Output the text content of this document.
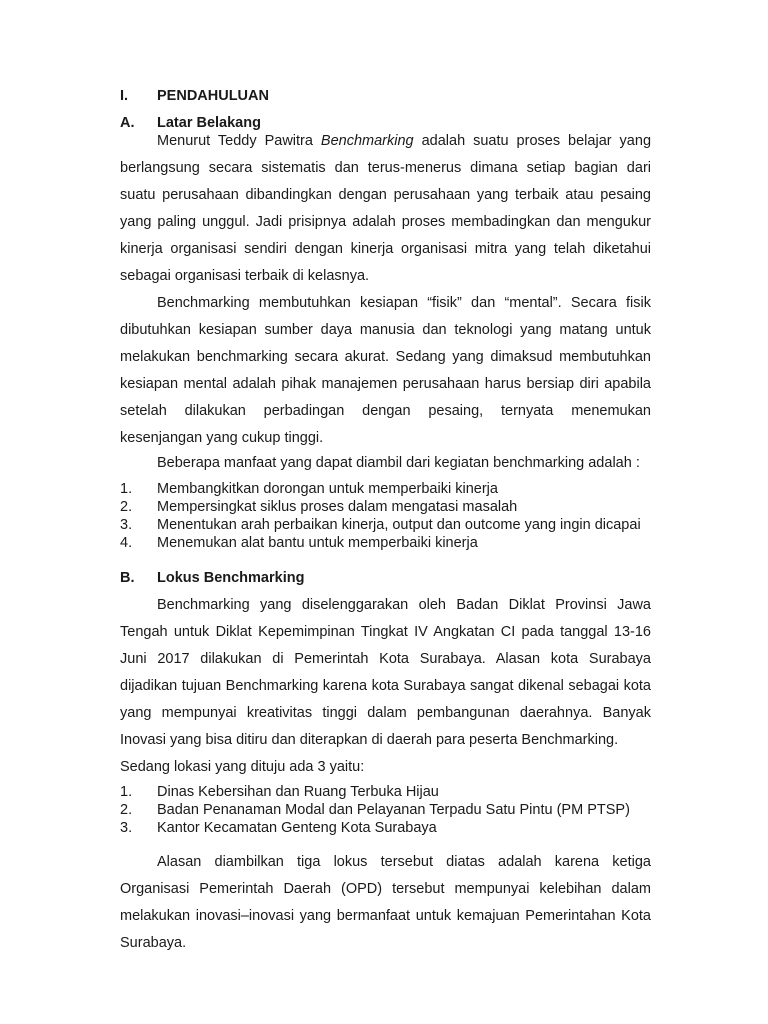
I. PENDAHULUAN
A. Latar Belakang
Menurut Teddy Pawitra Benchmarking adalah suatu proses belajar yang berlangsung secara sistematis dan terus-menerus dimana setiap bagian dari suatu perusahaan dibandingkan dengan perusahaan yang terbaik atau pesaing yang paling unggul. Jadi prisipnya adalah proses membadingkan dan mengukur kinerja organisasi sendiri dengan kinerja organisasi mitra yang telah diketahui sebagai organisasi terbaik di kelasnya.
Benchmarking membutuhkan kesiapan “fisik” dan “mental”. Secara fisik dibutuhkan kesiapan sumber daya manusia dan teknologi yang matang untuk melakukan benchmarking secara akurat. Sedang yang dimaksud membutuhkan kesiapan mental adalah pihak manajemen perusahaan harus bersiap diri apabila setelah dilakukan perbadingan dengan pesaing, ternyata menemukan kesenjangan yang cukup tinggi.
Beberapa manfaat yang dapat diambil dari kegiatan benchmarking adalah :
1. Membangkitkan dorongan untuk memperbaiki kinerja
2. Mempersingkat siklus proses dalam mengatasi masalah
3. Menentukan arah perbaikan kinerja, output dan outcome yang ingin dicapai
4. Menemukan alat bantu untuk memperbaiki kinerja
B. Lokus Benchmarking
Benchmarking yang diselenggarakan oleh Badan Diklat Provinsi Jawa Tengah untuk Diklat Kepemimpinan Tingkat IV Angkatan CI pada tanggal 13-16 Juni 2017 dilakukan di Pemerintah Kota Surabaya. Alasan kota Surabaya dijadikan tujuan Benchmarking karena kota Surabaya sangat dikenal sebagai kota yang mempunyai kreativitas tinggi dalam pembangunan daerahnya. Banyak Inovasi yang bisa ditiru dan diterapkan di daerah para peserta Benchmarking.
Sedang lokasi yang dituju ada 3 yaitu:
1. Dinas Kebersihan dan Ruang Terbuka Hijau
2. Badan Penanaman Modal dan Pelayanan Terpadu Satu Pintu (PM PTSP)
3. Kantor Kecamatan Genteng Kota Surabaya
Alasan diambilkan tiga lokus tersebut diatas adalah karena ketiga Organisasi Pemerintah Daerah (OPD) tersebut mempunyai kelebihan dalam melakukan inovasi–inovasi yang bermanfaat untuk kemajuan Pemerintahan Kota Surabaya.
